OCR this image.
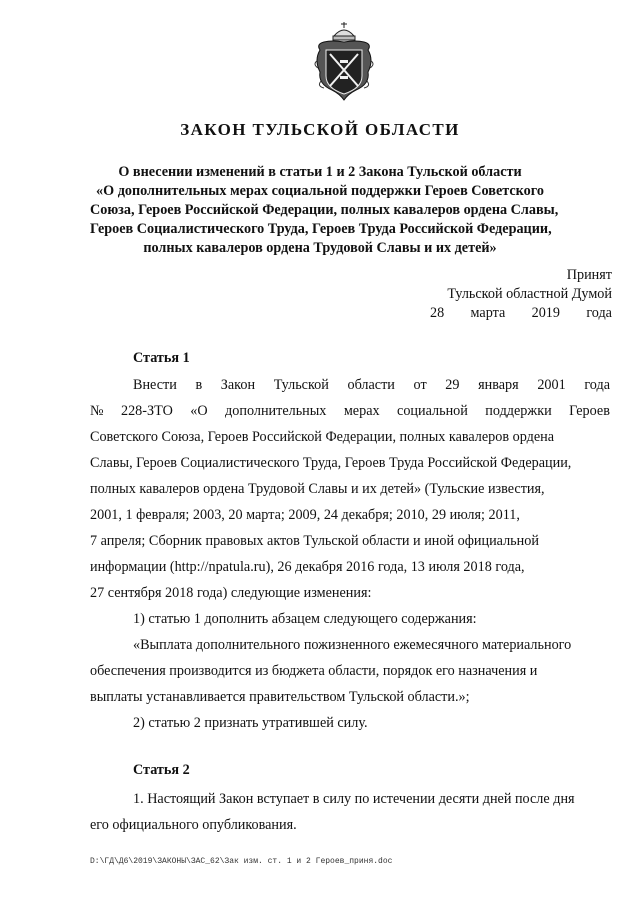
ЗАКОН ТУЛЬСКОЙ ОБЛАСТИ
О внесении изменений в статьи 1 и 2 Закона Тульской области
«О дополнительных мерах социальной поддержки Героев Советского
Союза, Героев Российской Федерации, полных кавалеров ордена Славы,
Героев Социалистического Труда, Героев Труда Российской Федерации,
полных кавалеров ордена Трудовой Славы и их детей»
Принят
Тульской областной Думой
28 марта 2019 года
Статья 1
Внести в Закон Тульской области от 29 января 2001 года
№ 228-ЗТО «О дополнительных мерах социальной поддержки Героев
Советского Союза, Героев Российской Федерации, полных кавалеров ордена
Славы, Героев Социалистического Труда, Героев Труда Российской Федерации,
полных кавалеров ордена Трудовой Славы и их детей» (Тульские известия,
2001, 1 февраля; 2003, 20 марта; 2009, 24 декабря; 2010, 29 июля; 2011,
7 апреля; Сборник правовых актов Тульской области и иной официальной
информации (http://npatula.ru), 26 декабря 2016 года, 13 июля 2018 года,
27 сентября 2018 года) следующие изменения:
1) статью 1 дополнить абзацем следующего содержания:
«Выплата дополнительного пожизненного ежемесячного материального
обеспечения производится из бюджета области, порядок его назначения и
выплаты устанавливается правительством Тульской области.»;
2) статью 2 признать утратившей силу.
Статья 2
1. Настоящий Закон вступает в силу по истечении десяти дней после дня
его официального опубликования.
D:\ГД\Д6\2019\ЗАКОНЫ\ЗАС_62\Зак изм. ст. 1 и 2 Героев_приня.doc
